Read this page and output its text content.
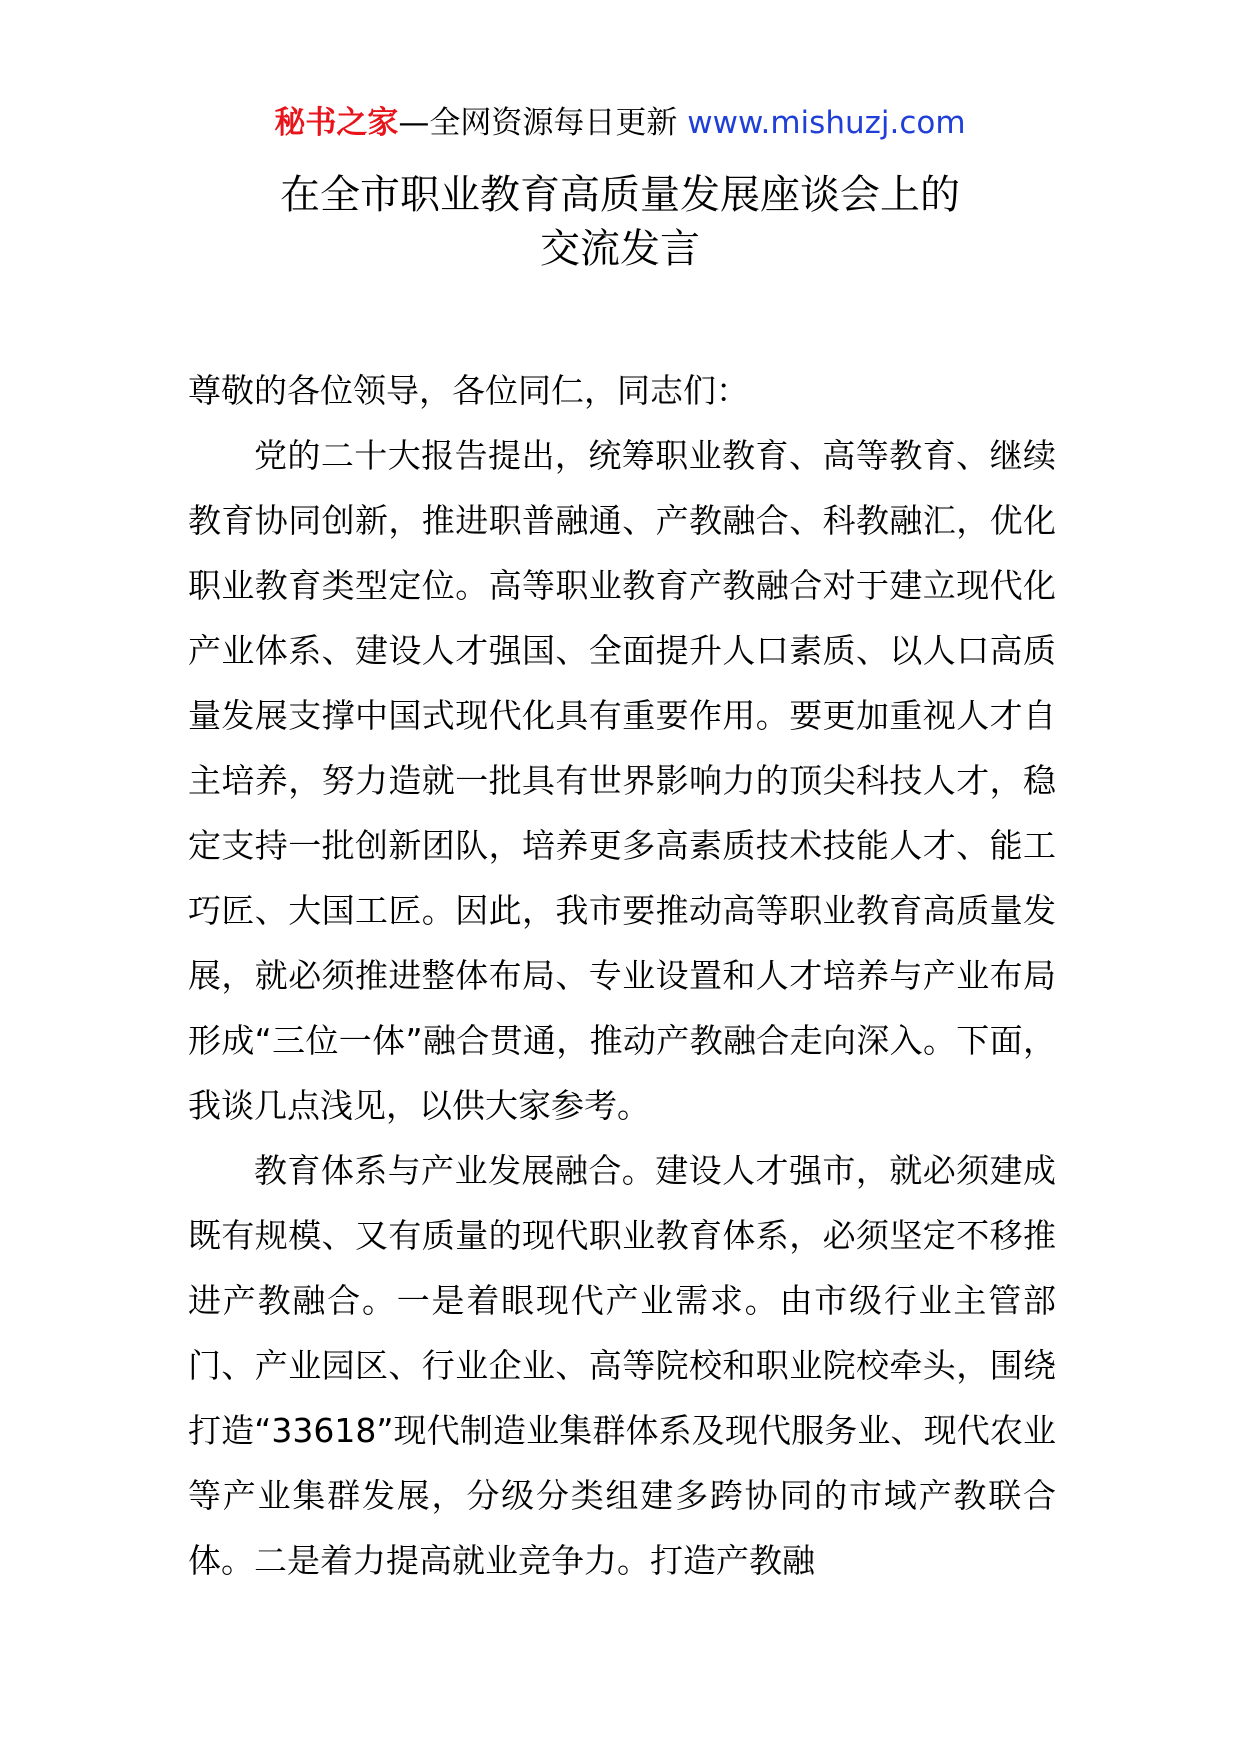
秘书之家—全网资源每日更新 www.mishuzj.com
在全市职业教育高质量发展座谈会上的
交流发言

尊敬的各位领导，各位同仁，同志们：

党的二十大报告提出，统筹职业教育、高等教育、继续教育协同创新，推进职普融通、产教融合、科教融汇，优化职业教育类型定位。高等职业教育产教融合对于建立现代化产业体系、建设人才强国、全面提升人口素质、以人口高质量发展支撑中国式现代化具有重要作用。要更加重视人才自主培养，努力造就一批具有世界影响力的顶尖科技人才，稳定支持一批创新团队，培养更多高素质技术技能人才、能工巧匠、大国工匠。因此，我市要推动高等职业教育高质量发展，就必须推进整体布局、专业设置和人才培养与产业布局形成“三位一体”融合贯通，推动产教融合走向深入。下面，我谈几点浅见，以供大家参考。

教育体系与产业发展融合。建设人才强市，就必须建成既有规模、又有质量的现代职业教育体系，必须坚定不移推进产教融合。一是着眼现代产业需求。由市级行业主管部门、产业园区、行业企业、高等院校和职业院校牵头，围绕打造“33618”现代制造业集群体系及现代服务业、现代农业等产业集群发展，分级分类组建多跨协同的市域产教联合体。二是着力提高就业竞争力。打造产教融
